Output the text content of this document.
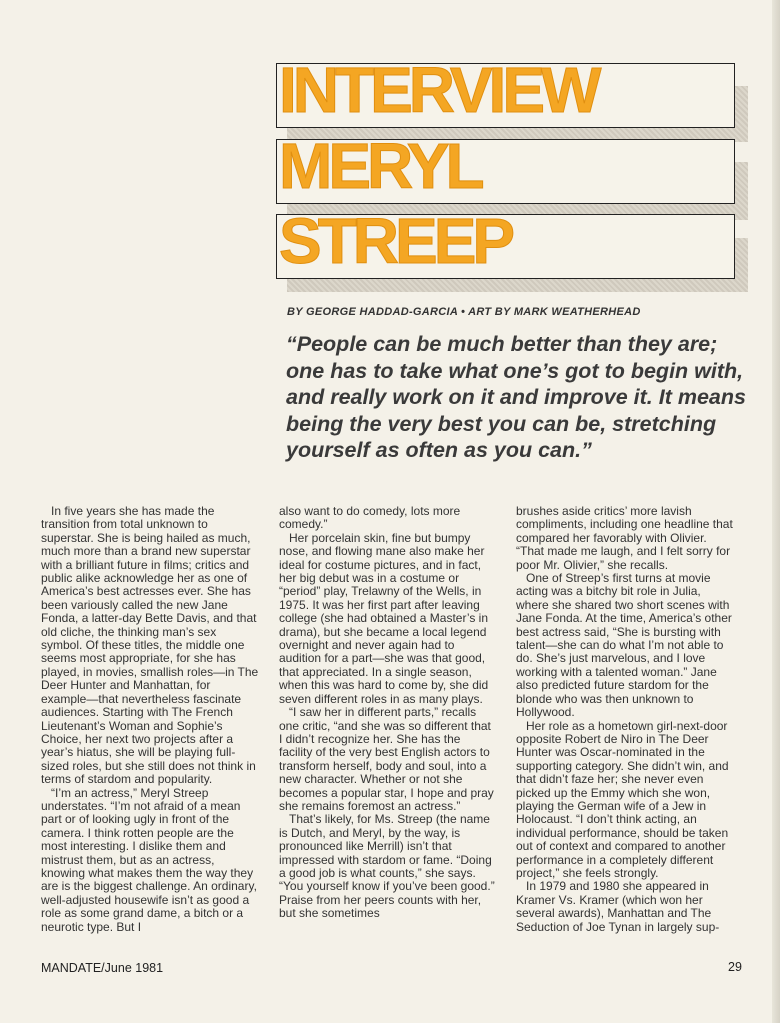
INTERVIEW
MERYL
STREEP
BY GEORGE HADDAD-GARCIA • ART BY MARK WEATHERHEAD
“People can be much better than they are; one has to take what one’s got to begin with, and really work on it and improve it. It means being the very best you can be, stretching yourself as often as you can.”

In five years she has made the transition from total unknown to superstar. She is being hailed as much, much more than a brand new superstar with a brilliant future in films; critics and public alike acknowledge her as one of America’s best actresses ever. She has been variously called the new Jane Fonda, a latter-day Bette Davis, and that old cliche, the thinking man’s sex symbol. Of these titles, the middle one seems most appropriate, for she has played, in movies, smallish roles—in The Deer Hunter and Manhattan, for example—that nevertheless fascinate audiences. Starting with The French Lieutenant’s Woman and Sophie’s Choice, her next two projects after a year’s hiatus, she will be playing full-sized roles, but she still does not think in terms of stardom and popularity.

“I’m an actress,” Meryl Streep understates. “I’m not afraid of a mean part or of looking ugly in front of the camera. I think rotten people are the most interesting. I dislike them and mistrust them, but as an actress, knowing what makes them the way they are is the biggest challenge. An ordinary, well-adjusted housewife isn’t as good a role as some grand dame, a bitch or a neurotic type. But I

also want to do comedy, lots more comedy.”

Her porcelain skin, fine but bumpy nose, and flowing mane also make her ideal for costume pictures, and in fact, her big debut was in a costume or “period” play, Trelawny of the Wells, in 1975. It was her first part after leaving college (she had obtained a Master’s in drama), but she became a local legend overnight and never again had to audition for a part—she was that good, that appreciated. In a single season, when this was hard to come by, she did seven different roles in as many plays.

“I saw her in different parts,” recalls one critic, “and she was so different that I didn’t recognize her. She has the facility of the very best English actors to transform herself, body and soul, into a new character. Whether or not she becomes a popular star, I hope and pray she remains foremost an actress.”

That’s likely, for Ms. Streep (the name is Dutch, and Meryl, by the way, is pronounced like Merrill) isn’t that impressed with stardom or fame. “Doing a good job is what counts,” she says. “You yourself know if you’ve been good.” Praise from her peers counts with her, but she sometimes

brushes aside critics’ more lavish compliments, including one headline that compared her favorably with Olivier. “That made me laugh, and I felt sorry for poor Mr. Olivier,” she recalls.

One of Streep’s first turns at movie acting was a bitchy bit role in Julia, where she shared two short scenes with Jane Fonda. At the time, America’s other best actress said, “She is bursting with talent—she can do what I’m not able to do. She’s just marvelous, and I love working with a talented woman.” Jane also predicted future stardom for the blonde who was then unknown to Hollywood.

Her role as a hometown girl-next-door opposite Robert de Niro in The Deer Hunter was Oscar-nominated in the supporting category. She didn’t win, and that didn’t faze her; she never even picked up the Emmy which she won, playing the German wife of a Jew in Holocaust. “I don’t think acting, an individual performance, should be taken out of context and compared to another performance in a completely different project,” she feels strongly.

In 1979 and 1980 she appeared in Kramer Vs. Kramer (which won her several awards), Manhattan and The Seduction of Joe Tynan in largely sup-

MANDATE/June 1981	29
